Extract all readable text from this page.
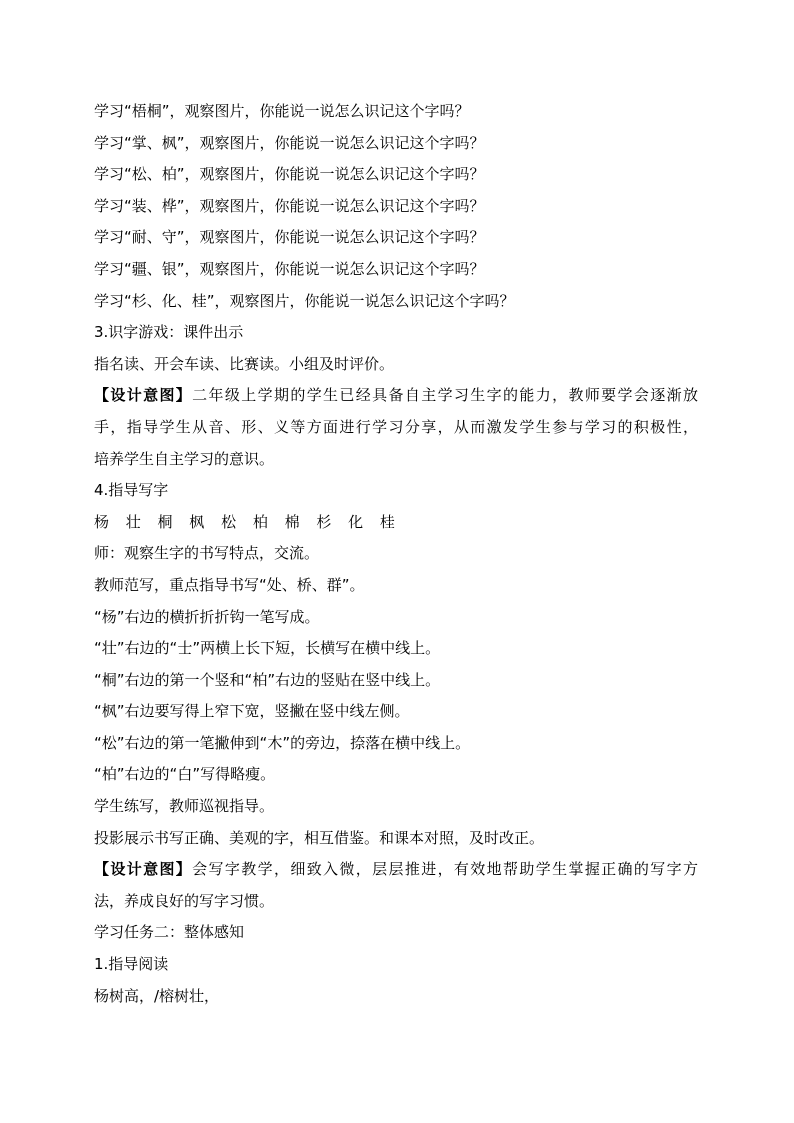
学习“梧桐”，观察图片，你能说一说怎么识记这个字吗？
学习“掌、枫”，观察图片，你能说一说怎么识记这个字吗？
学习“松、柏”，观察图片，你能说一说怎么识记这个字吗？
学习“装、桦”，观察图片，你能说一说怎么识记这个字吗？
学习“耐、守”，观察图片，你能说一说怎么识记这个字吗？
学习“疆、银”，观察图片，你能说一说怎么识记这个字吗？
学习“杉、化、桂”，观察图片，你能说一说怎么识记这个字吗？
3.识字游戏：课件出示
指名读、开会车读、比赛读。小组及时评价。
【设计意图】二年级上学期的学生已经具备自主学习生字的能力，教师要学会逐渐放
手，指导学生从音、形、义等方面进行学习分享，从而激发学生参与学习的积极性，
培养学生自主学习的意识。
4.指导写字
杨 壮 桐 枫 松 柏 棉 杉 化 桂
师：观察生字的书写特点，交流。
教师范写，重点指导书写“处、桥、群”。
“杨”右边的横折折折钩一笔写成。
“壮”右边的“士”两横上长下短，长横写在横中线上。
“桐”右边的第一个竖和“柏”右边的竖贴在竖中线上。
“枫”右边要写得上窄下宽，竖撇在竖中线左侧。
“松”右边的第一笔撇伸到“木”的旁边，捺落在横中线上。
“柏”右边的“白”写得略瘦。
学生练写，教师巡视指导。
投影展示书写正确、美观的字，相互借鉴。和课本对照，及时改正。
【设计意图】会写字教学，细致入微，层层推进，有效地帮助学生掌握正确的写字方
法，养成良好的写字习惯。
学习任务二：整体感知
1.指导阅读
杨树高，/榕树壮，
